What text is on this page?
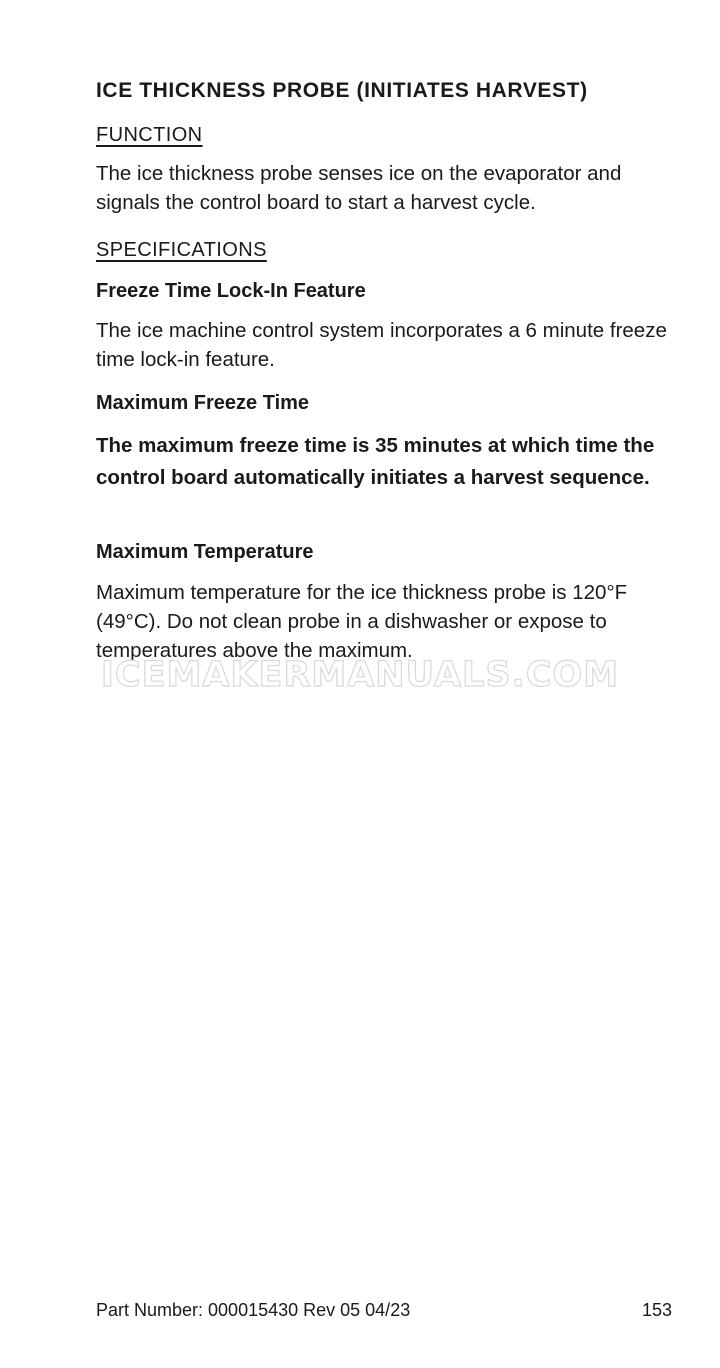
ICE THICKNESS PROBE (INITIATES HARVEST)
FUNCTION

The ice thickness probe senses ice on the evaporator and signals the control board to start a harvest cycle.

SPECIFICATIONS
Freeze Time Lock-In Feature

The ice machine control system incorporates a 6 minute freeze time lock-in feature.

Maximum Freeze Time

The maximum freeze time is 35 minutes at which time the control board automatically initiates a harvest sequence.

Maximum Temperature

Maximum temperature for the ice thickness probe is 120°F (49°C). Do not clean probe in a dishwasher or expose to temperatures above the maximum.

ICEMAKERMANUALS.COM
Part Number: 000015430 Rev 05 04/23	153
